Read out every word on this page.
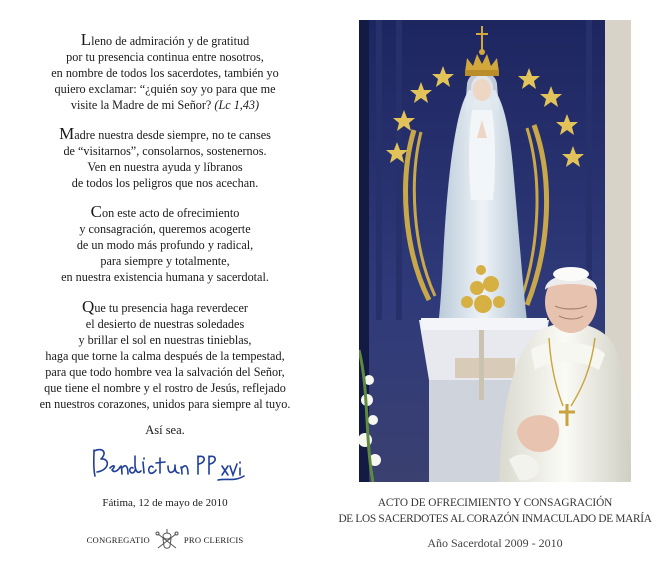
Lleno de admiración y de gratitud

por tu presencia continua entre nosotros,

en nombre de todos los sacerdotes, también yo

quiero exclamar: “¿quién soy yo para que me

visite la Madre de mi Señor? (Lc 1,43)

Madre nuestra desde siempre, no te canses

de “visitarnos”, consolarnos, sostenernos.

Ven en nuestra ayuda y líbranos

de todos los peligros que nos acechan.

Con este acto de ofrecimiento

y consagración, queremos acogerte

de un modo más profundo y radical,

para siempre y totalmente,

en nuestra existencia humana y sacerdotal.

Que tu presencia haga reverdecer

el desierto de nuestras soledades

y brillar el sol en nuestras tinieblas,

haga que torne la calma después de la tempestad,

para que todo hombre vea la salvación del Señor,

que tiene el nombre y el rostro de Jesús, reflejado

en nuestros corazones, unidos para siempre al tuyo.

Así sea.
Benedictus PP XVI
Fátima, 12 de mayo de 2010
CONGREGATIO	PRO CLERICIS
ACTO DE OFRECIMIENTO Y CONSAGRACIÓN
DE LOS SACERDOTES AL CORAZÓN INMACULADO DE MARÍA
Año Sacerdotal 2009 - 2010
